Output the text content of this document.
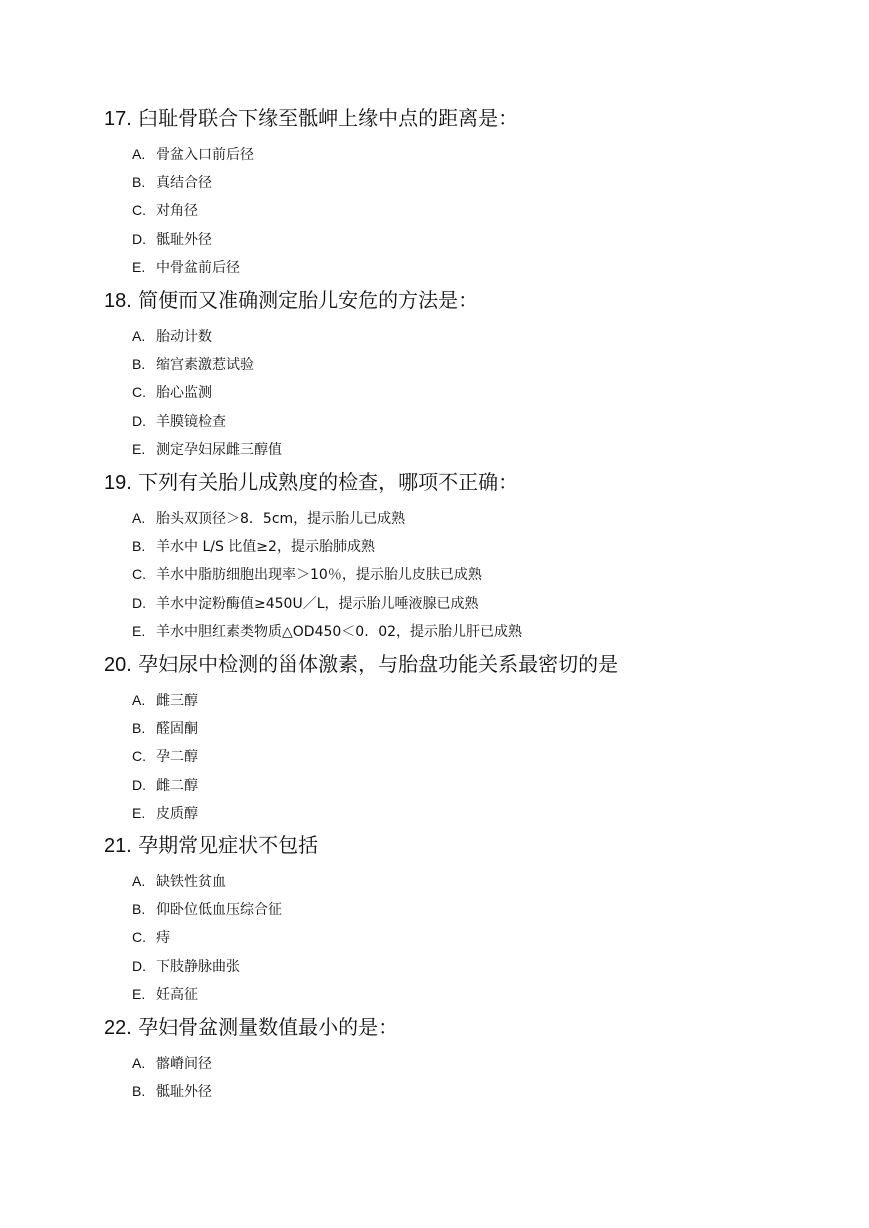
17. 臼耻骨联合下缘至骶岬上缘中点的距离是：
A. 骨盆入口前后径
B. 真结合径
C. 对角径
D. 骶耻外径
E. 中骨盆前后径
18. 简便而又准确测定胎儿安危的方法是：
A. 胎动计数
B. 缩宫素激惹试验
C. 胎心监测
D. 羊膜镜检查
E. 测定孕妇尿雌三醇值
19. 下列有关胎儿成熟度的检查，哪项不正确：
A. 胎头双顶径＞8．5cm，提示胎儿已成熟
B. 羊水中 L/S 比值≥2，提示胎肺成熟
C. 羊水中脂肪细胞出现率＞10％，提示胎儿皮肤已成熟
D. 羊水中淀粉酶值≥450U／L，提示胎儿唾液腺已成熟
E. 羊水中胆红素类物质△OD450＜0．02，提示胎儿肝已成熟
20. 孕妇尿中检测的甾体激素，与胎盘功能关系最密切的是
A. 雌三醇
B. 醛固酮
C. 孕二醇
D. 雌二醇
E. 皮质醇
21. 孕期常见症状不包括
A. 缺铁性贫血
B. 仰卧位低血压综合征
C. 痔
D. 下肢静脉曲张
E. 妊高征
22. 孕妇骨盆测量数值最小的是：
A. 髂嵴间径
B. 骶耻外径
